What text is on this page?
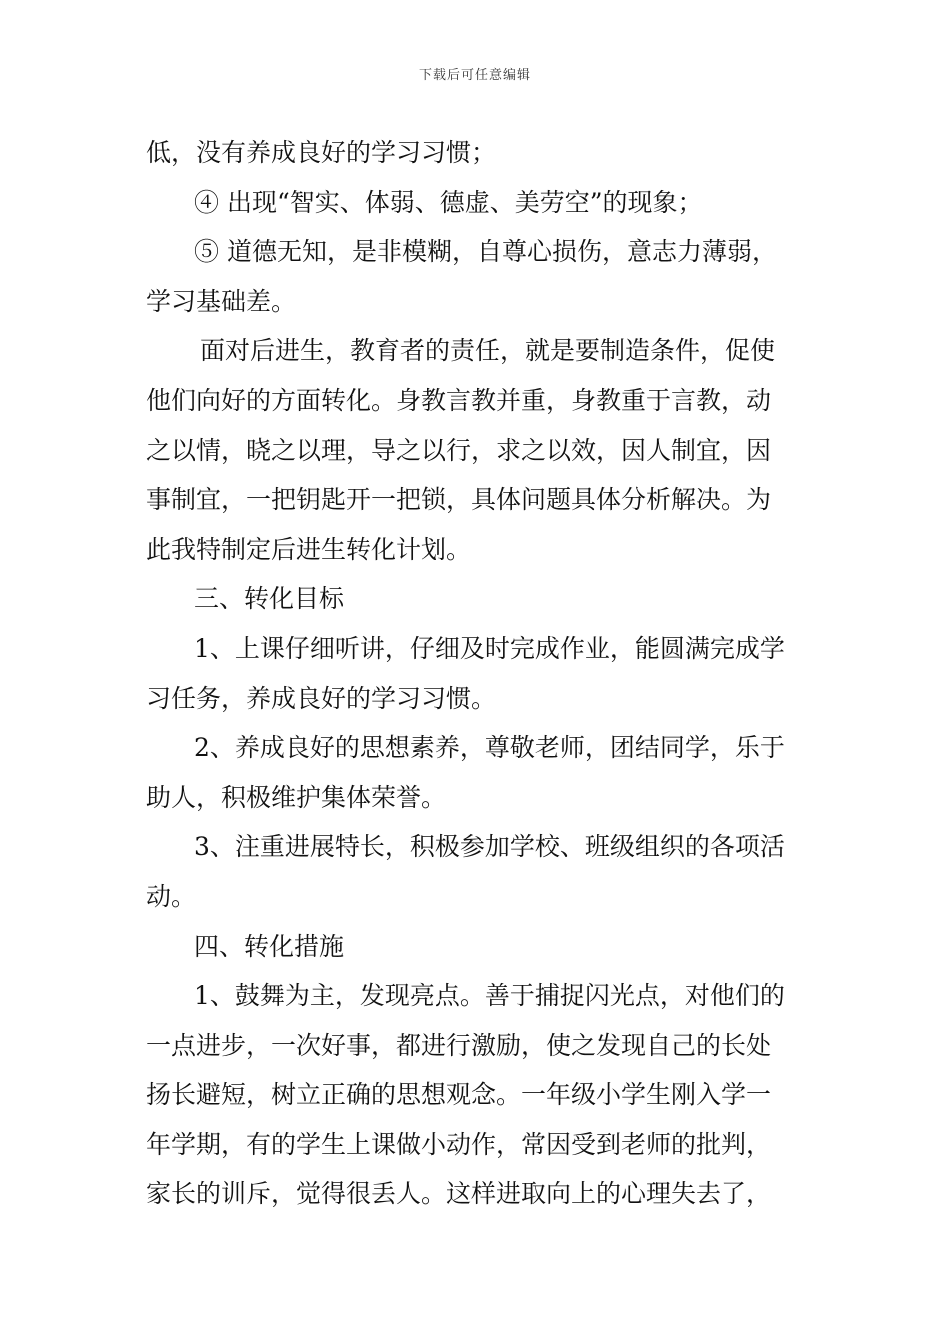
下载后可任意编辑
低，没有养成良好的学习习惯；
④ 出现“智实、体弱、德虚、美劳空”的现象；
⑤ 道德无知，是非模糊，自尊心损伤，意志力薄弱，
学习基础差。
面对后进生，教育者的责任，就是要制造条件，促使
他们向好的方面转化。身教言教并重，身教重于言教，动
之以情，晓之以理，导之以行，求之以效，因人制宜，因
事制宜，一把钥匙开一把锁，具体问题具体分析解决。为
此我特制定后进生转化计划。
三、转化目标
1、上课仔细听讲，仔细及时完成作业，能圆满完成学
习任务，养成良好的学习习惯。
2、养成良好的思想素养，尊敬老师，团结同学，乐于
助人，积极维护集体荣誉。
3、注重进展特长，积极参加学校、班级组织的各项活
动。
四、转化措施
1、鼓舞为主，发现亮点。善于捕捉闪光点，对他们的
一点进步，一次好事，都进行激励，使之发现自己的长处
扬长避短，树立正确的思想观念。一年级小学生刚入学一
年学期，有的学生上课做小动作，常因受到老师的批判，
家长的训斥，觉得很丢人。这样进取向上的心理失去了，
